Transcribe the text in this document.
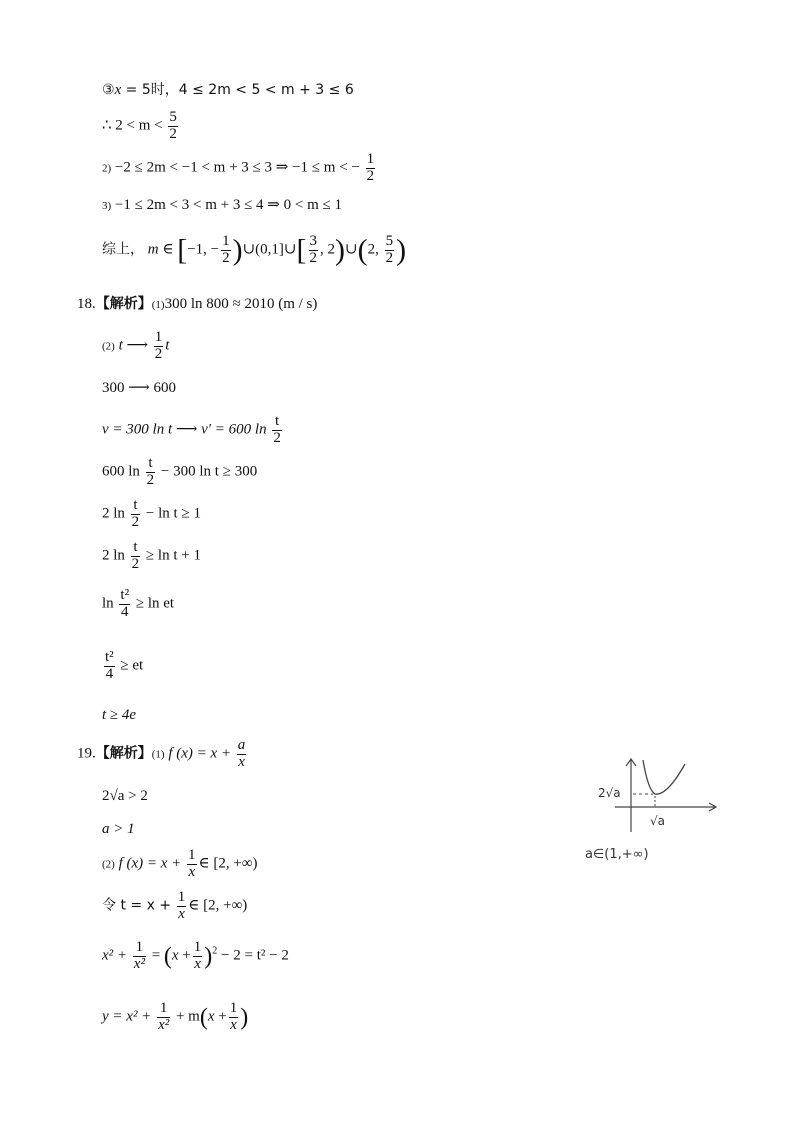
③x = 5时，4 ≤ 2m < 5 < m + 3 ≤ 6
∴ $2 < m < \frac{5}{2}$
2) −2 ≤ 2m < −1 < m + 3 ≤ 3 ⇒ −1 ≤ m < − $\frac{1}{2}$
3) −1 ≤ 2m < 3 < m + 3 ≤ 4 ⇒ 0 < m ≤ 1
综上， m ∈ [−1, − $\frac{1}{2}$ )∪(0,1]∪[ $\frac{3}{2}$ , 2)∪(2, $\frac{5}{2}$ )
18.【解析】(1)300 ln 800 ≈ 2010 (m / s)
(2) t ⟶ $\frac{1}{2}$ t
300 ⟶ 600
v = 300 ln t ⟶ v′ = 600 $\ln \frac{t}{2}$
600 $\ln \frac{t}{2} - 300$ ln t ≥ 300
2 $\ln \frac{t}{2} - \ln t \ge 1$
2 $\ln \frac{t}{2} \ge \ln t + 1$
$\ln \frac{\text{t²}}{4} \ge \ln$ et
$\frac{\text{t²}}{4}$ ≥ et
t ≥ 4e
19.【解析】(1) f $(x) = x + \frac{a}{x}$
2√a > 2
a > 1
(2) f $(x) = x + \frac{1}{x}$ ∈ [2, +∞)
令 $t = x + \frac{1}{x}$ ∈ [2, +∞)
$x^2 + \frac{1}{\text{x²}} = (x + \frac{1}{x} )^2 - 2 = t^2 - 2$
$y = x^2 + \frac{1}{\text{x²}} + m(x + \frac{1}{x}$ )
2√a
√a
a∈(1,+∞)
